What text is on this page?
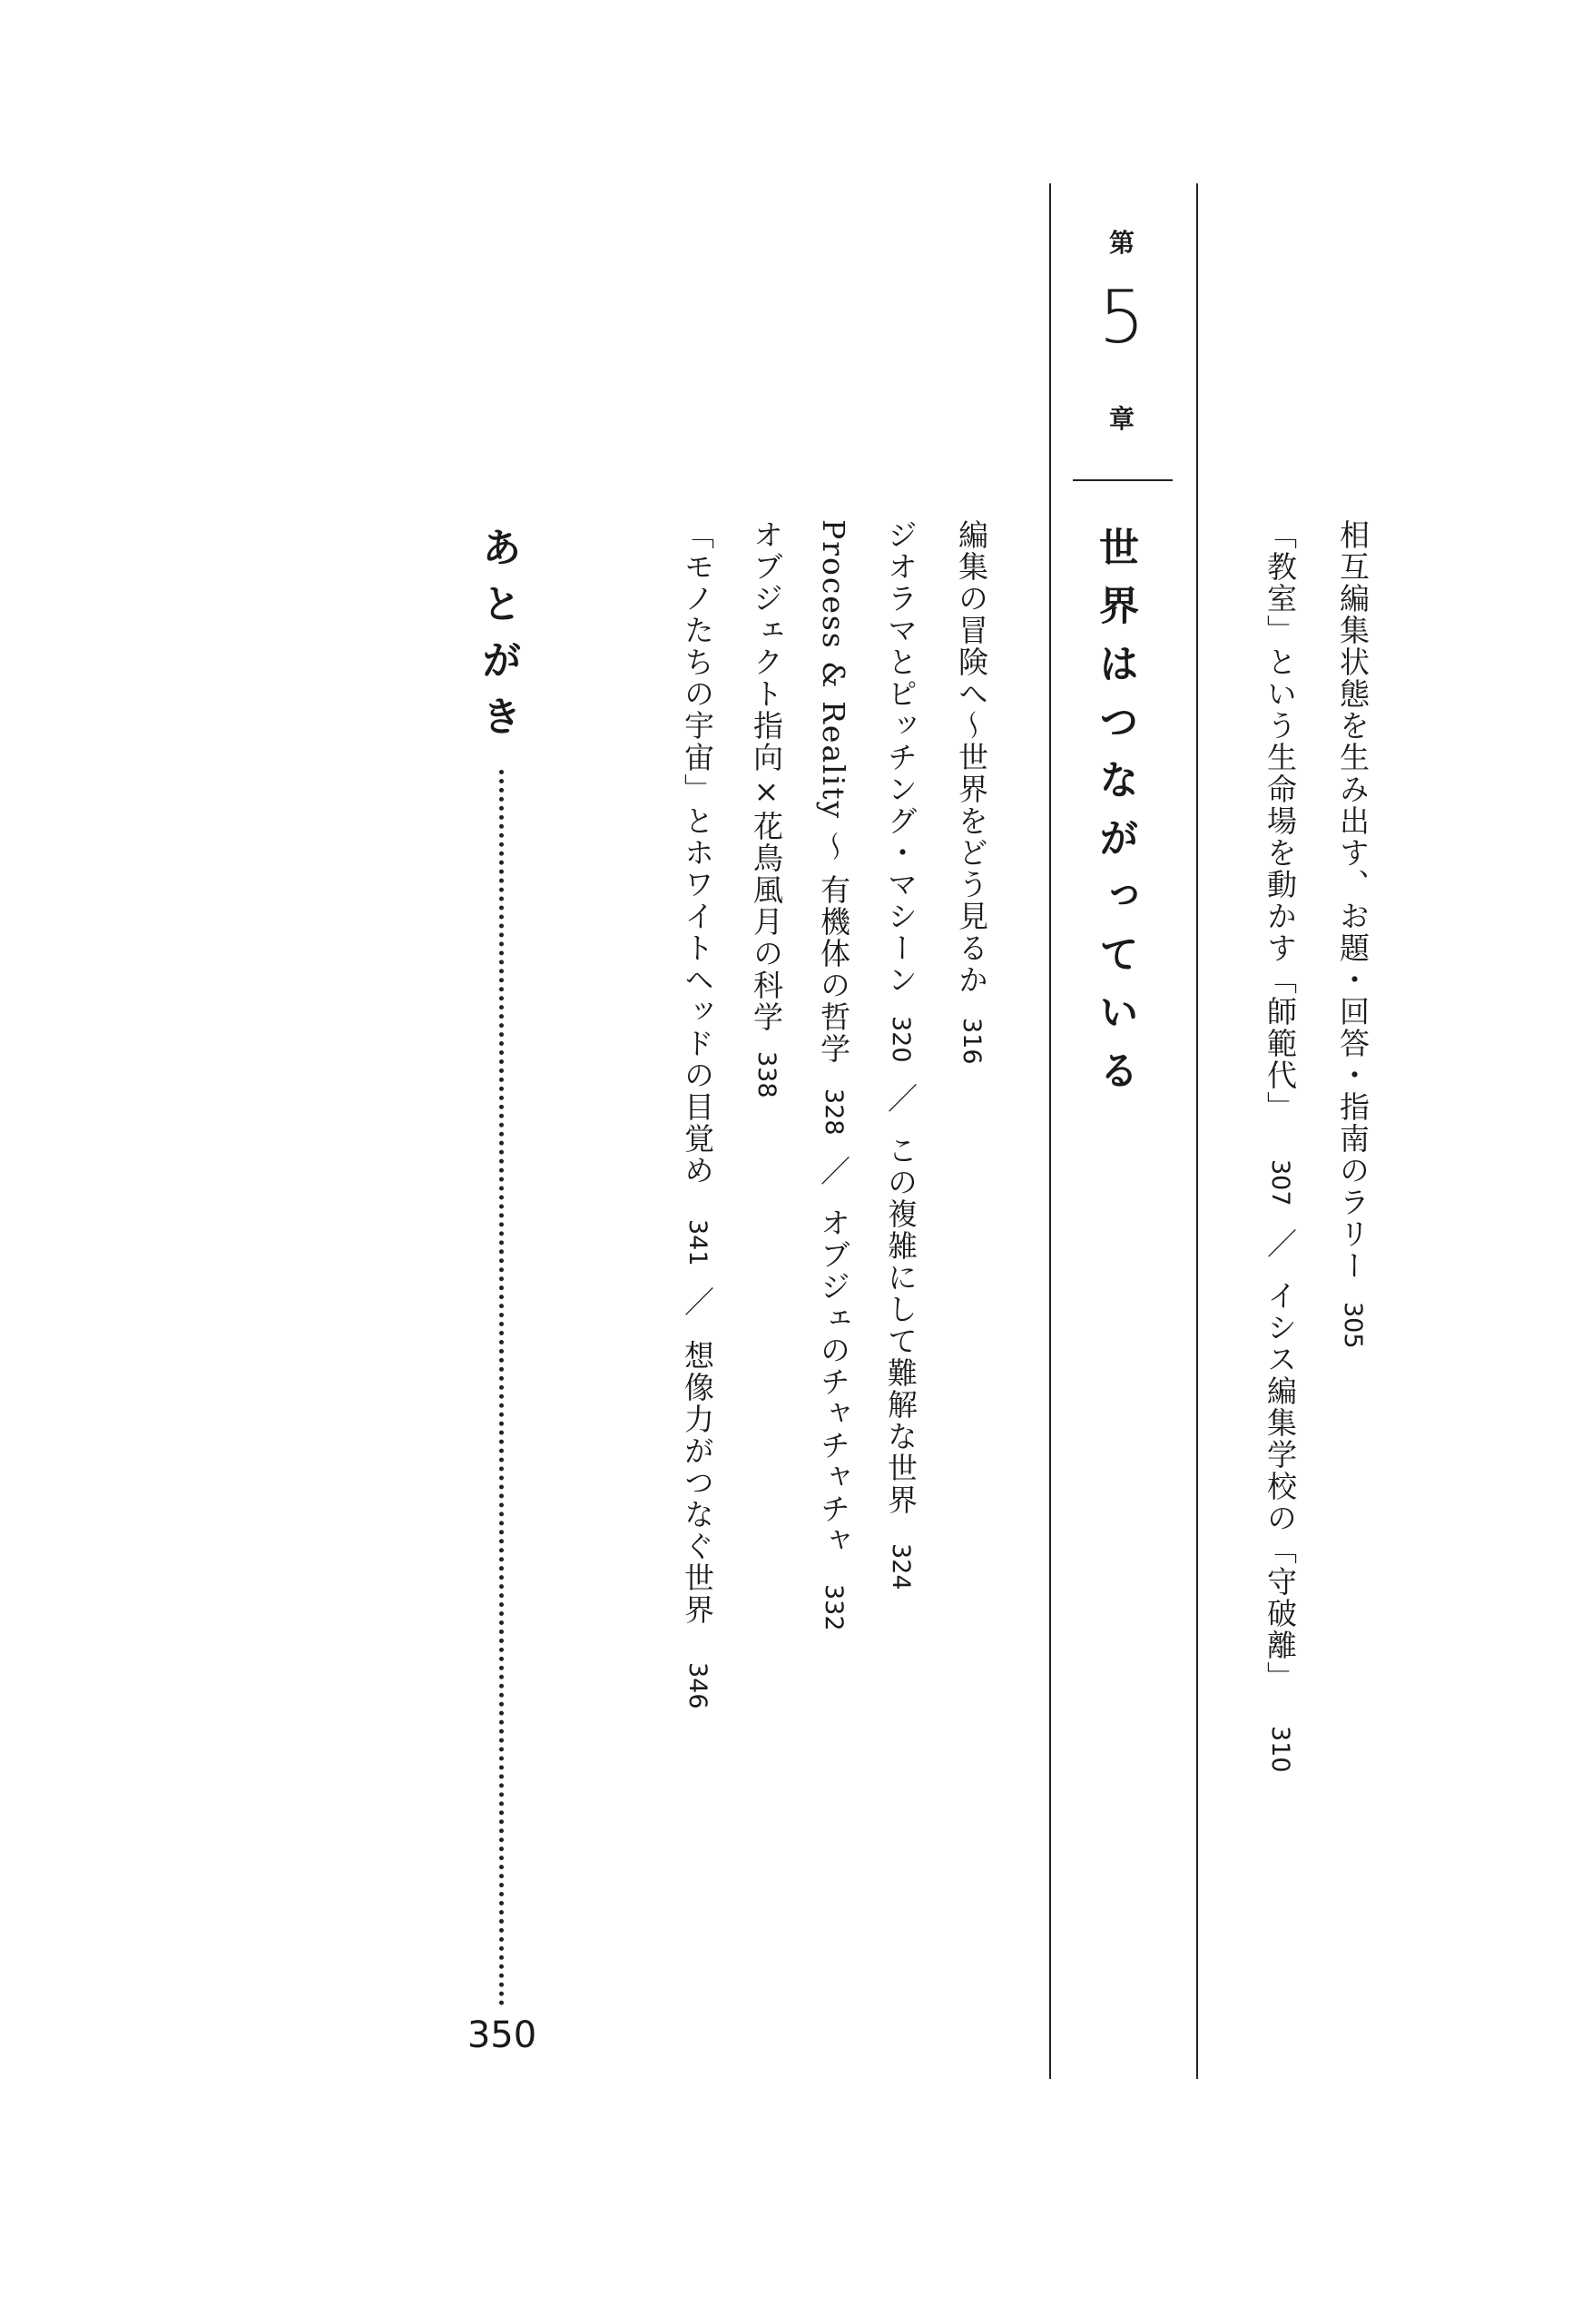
相互編集状態を生み出す、お題・回答・指南のラリー305
「教室」という生命場を動かす「師範代」307／イシス編集学校の「守破離」310
第
5
章
世界はつながっている
編集の冒険へ〜世界をどう見るか316
ジオラマとピッチング・マシーン320／この複雑にして難解な世界324
Process & Reality 〜 有機体の哲学328／オブジェのチャチャチャ332
オブジェクト指向×花鳥風月の科学338
「モノたちの宇宙」とホワイトヘッドの目覚め341／想像力がつなぐ世界346
あとがき
350
